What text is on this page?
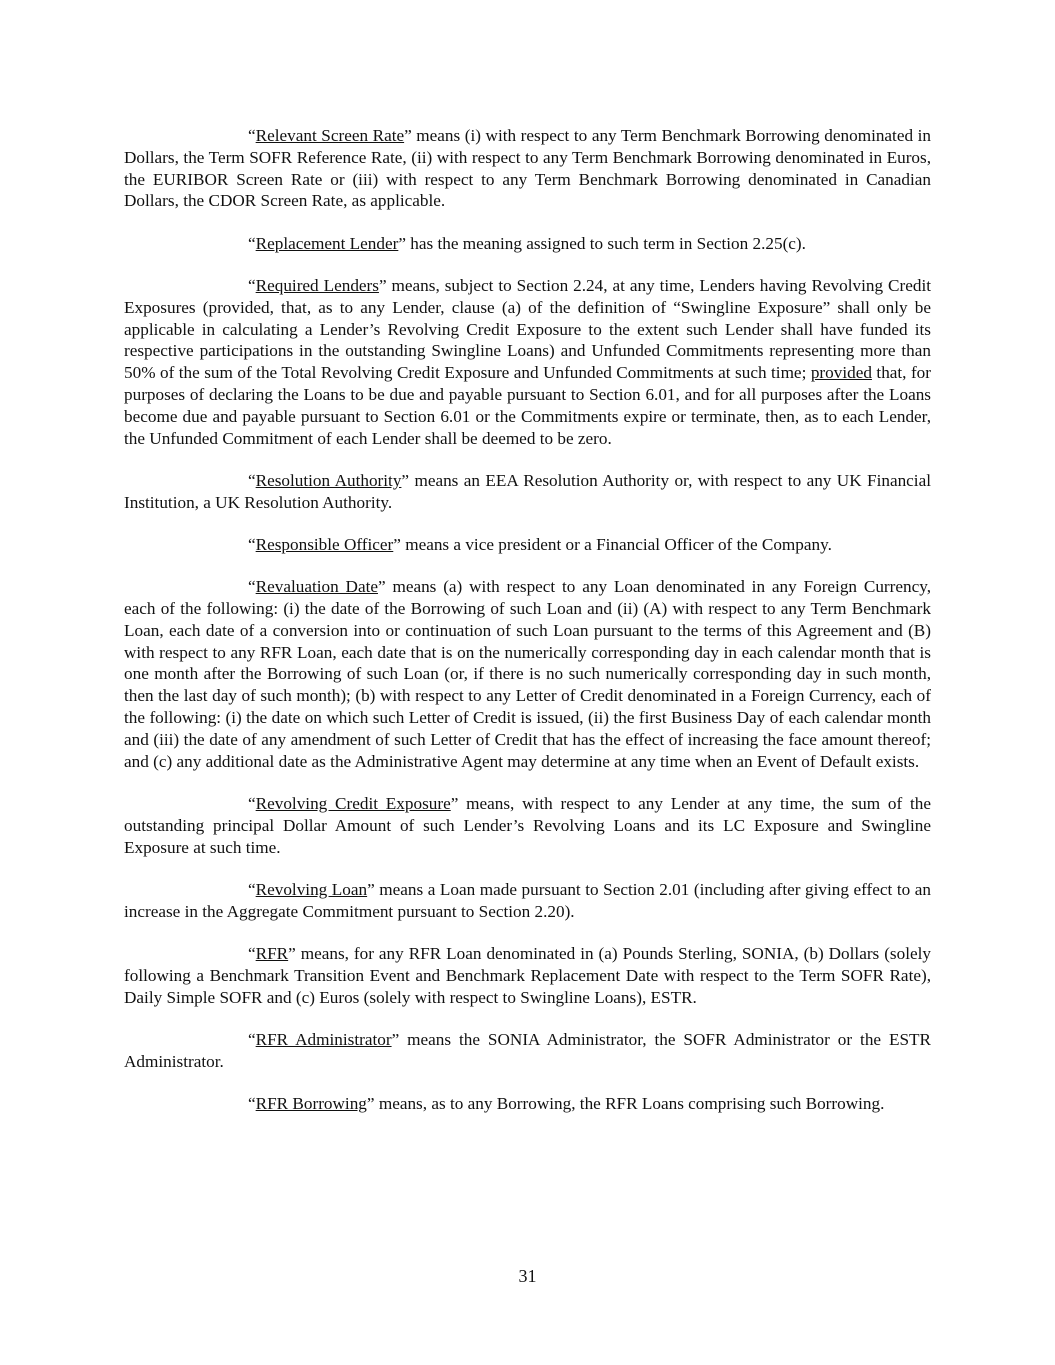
“Relevant Screen Rate” means (i) with respect to any Term Benchmark Borrowing denominated in Dollars, the Term SOFR Reference Rate, (ii) with respect to any Term Benchmark Borrowing denominated in Euros, the EURIBOR Screen Rate or (iii) with respect to any Term Benchmark Borrowing denominated in Canadian Dollars, the CDOR Screen Rate, as applicable.

“Replacement Lender” has the meaning assigned to such term in Section 2.25(c).

“Required Lenders” means, subject to Section 2.24, at any time, Lenders having Revolving Credit Exposures (provided, that, as to any Lender, clause (a) of the definition of “Swingline Exposure” shall only be applicable in calculating a Lender’s Revolving Credit Exposure to the extent such Lender shall have funded its respective participations in the outstanding Swingline Loans) and Unfunded Commitments representing more than 50% of the sum of the Total Revolving Credit Exposure and Unfunded Commitments at such time; provided that, for purposes of declaring the Loans to be due and payable pursuant to Section 6.01, and for all purposes after the Loans become due and payable pursuant to Section 6.01 or the Commitments expire or terminate, then, as to each Lender, the Unfunded Commitment of each Lender shall be deemed to be zero.

“Resolution Authority” means an EEA Resolution Authority or, with respect to any UK Financial Institution, a UK Resolution Authority.

“Responsible Officer” means a vice president or a Financial Officer of the Company.

“Revaluation Date” means (a) with respect to any Loan denominated in any Foreign Currency, each of the following: (i) the date of the Borrowing of such Loan and (ii) (A) with respect to any Term Benchmark Loan, each date of a conversion into or continuation of such Loan pursuant to the terms of this Agreement and (B) with respect to any RFR Loan, each date that is on the numerically corresponding day in each calendar month that is one month after the Borrowing of such Loan (or, if there is no such numerically corresponding day in such month, then the last day of such month); (b) with respect to any Letter of Credit denominated in a Foreign Currency, each of the following: (i) the date on which such Letter of Credit is issued, (ii) the first Business Day of each calendar month and (iii) the date of any amendment of such Letter of Credit that has the effect of increasing the face amount thereof; and (c) any additional date as the Administrative Agent may determine at any time when an Event of Default exists.

“Revolving Credit Exposure” means, with respect to any Lender at any time, the sum of the outstanding principal Dollar Amount of such Lender’s Revolving Loans and its LC Exposure and Swingline Exposure at such time.

“Revolving Loan” means a Loan made pursuant to Section 2.01 (including after giving effect to an increase in the Aggregate Commitment pursuant to Section 2.20).

“RFR” means, for any RFR Loan denominated in (a) Pounds Sterling, SONIA, (b) Dollars (solely following a Benchmark Transition Event and Benchmark Replacement Date with respect to the Term SOFR Rate), Daily Simple SOFR and (c) Euros (solely with respect to Swingline Loans), ESTR.

“RFR Administrator” means the SONIA Administrator, the SOFR Administrator or the ESTR Administrator.

“RFR Borrowing” means, as to any Borrowing, the RFR Loans comprising such Borrowing.

31
